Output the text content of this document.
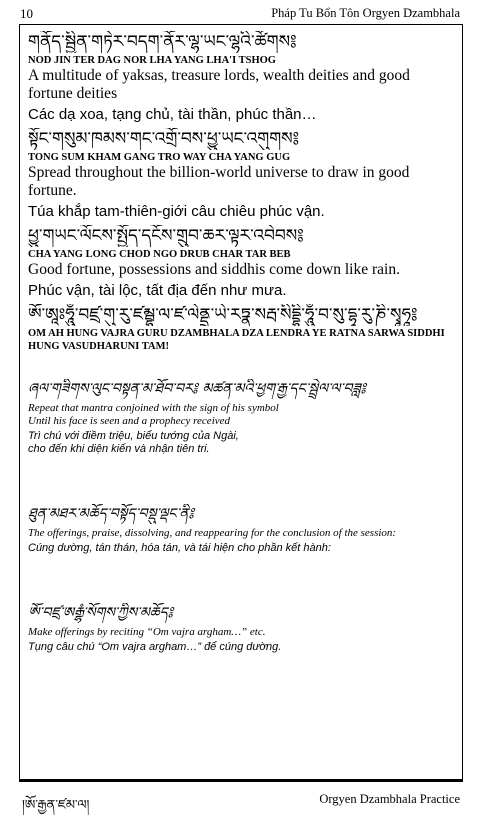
10	Pháp Tu Bổn Tôn Orgyen Dzambhala
གནོད་སྦྱིན་གཏེར་བདག་ནོར་ལྷ་ཡང་ལྷའི་ཚོགས༔
NOD JIN TER DAG NOR LHA YANG LHA'I TSHOG
A multitude of yaksas, treasure lords, wealth deities and good fortune deities
Các dạ xoa, tạng chủ, tài thần, phúc thần…
སྟོང་གསུམ་ཁམས་གང་འགྲོ་བས་ཕྱུ་ཡང་འགུགས༔
TONG SUM KHAM GANG TRO WAY CHA YANG GUG
Spread throughout the billion-world universe to draw in good fortune.
Túa khắp tam-thiên-giới câu chiêu phúc vận.
ཕྱུ་གཡང་ལོངས་སྤྱོད་དངོས་གྲུབ་ཆར་ལྟར་འབེབས༔
CHA YANG LONG CHOD NGO DRUB CHAR TAR BEB
Good fortune, possessions and siddhis come down like rain.
Phúc vận, tài lộc, tất địa đến như mưa.
ཨོཾ་ཨཱཿཧཱུྃ་བཛྲ་གུ་རུ་ཛམྦྷ་ལ་ཛ་ལེནྡྲ་ཡེ་རཏྣ་སརྦ་སིདྡྷི་ཧཱུྃ་བ་སུ་དྷཱ་རུ་ཎི་སྭཱཧཱ༔
OM AH HUNG VAJRA GURU DZAMBHALA DZA LENDRA YE RATNA SARWA SIDDHI HUNG VASUDHARUNI TAM!
ཞལ་གཟིགས་ལུང་བསྟན་མ་ཐོབ་བར༔ མཚན་མའི་ཕྱག་རྒྱ་དང་སྦྲེལ་ལ་བཟླ༔
Repeat that mantra conjoined with the sign of his symbol
Until his face is seen and a prophecy received
Trì chú với điềm triệu, biểu tướng của Ngài,
cho đến khi diện kiến và nhận tiên tri.
ཐུན་མཐར་མཆོད་བསྟོད་བསྡུ་ལྡང་ནི༔
The offerings, praise, dissolving, and reappearing for the conclusion of the session:
Cúng dường, tán thán, hóa tán, và tái hiện cho phần kết hành:
ཨོཾ་བཛྲ་ཨརྒྷཾ་སོགས་ཀྱིས་མཆོད༔
Make offerings by reciting “Om vajra argham…” etc.
Tụng câu chú “Om vajra argham…” để cúng dường.
།ཨོ་རྒྱན་ཛམ་ལ།	Orgyen Dzambhala Practice
